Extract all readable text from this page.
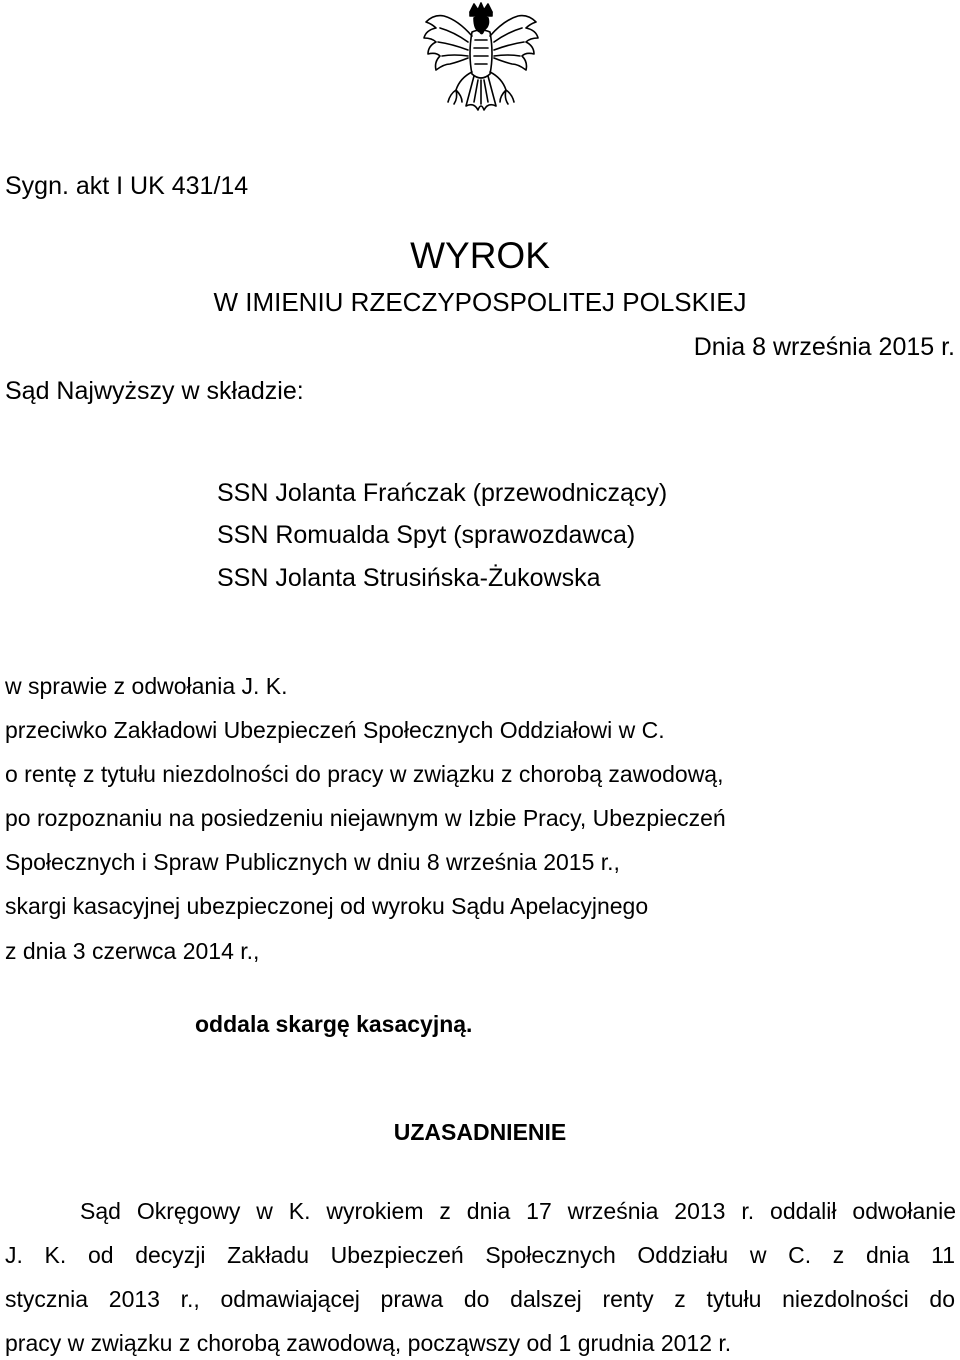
Sygn. akt I UK 431/14
WYROK
W IMIENIU RZECZYPOSPOLITEJ POLSKIEJ
Dnia 8 września 2015 r.
Sąd Najwyższy w składzie:
SSN Jolanta Frańczak (przewodniczący)
SSN Romualda Spyt (sprawozdawca)
SSN Jolanta Strusińska-Żukowska
w sprawie z odwołania J. K.
przeciwko Zakładowi Ubezpieczeń Społecznych Oddziałowi w C.
o rentę z tytułu niezdolności do pracy w związku z chorobą zawodową,
po rozpoznaniu na posiedzeniu niejawnym w Izbie Pracy, Ubezpieczeń
Społecznych i Spraw Publicznych w dniu 8 września 2015 r.,
skargi kasacyjnej ubezpieczonej od wyroku Sądu Apelacyjnego
z dnia 3 czerwca 2014 r.,
oddala skargę kasacyjną.
UZASADNIENIE
Sąd Okręgowy w K. wyrokiem z dnia 17 września 2013 r. oddalił odwołanie
J. K. od decyzji Zakładu Ubezpieczeń Społecznych Oddziału w C. z dnia 11
stycznia 2013 r., odmawiającej prawa do dalszej renty z tytułu niezdolności do
pracy w związku z chorobą zawodową, począwszy od 1 grudnia 2012 r.
